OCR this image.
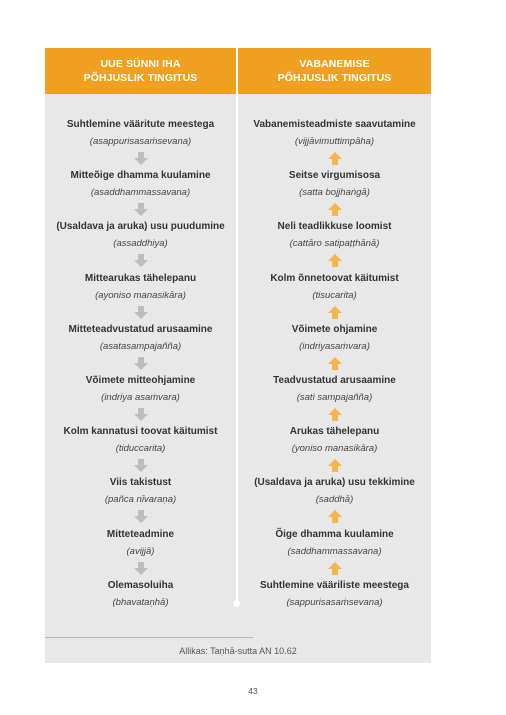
UUE SÜNNI IHA
PÕHJUSLIK TINGITUS
VABANEMISE
PÕHJUSLIK TINGITUS
Suhtlemine vääritute meestega
(asappurisasaṁsevana)
Mitteõige dhamma kuulamine
(asaddhammassavana)
(Usaldava ja aruka) usu puudumine
(assaddhiya)
Mittearukas tähelepanu
(ayoniso manasikāra)
Mitteteadvustatud arusaamine
(asatasampajañña)
Võimete mitteohjamine
(indriya asaṁvara)
Kolm kannatusi toovat käitumist
(tiduccarita)
Viis takistust
(pañca nīvaraṇa)
Mitteteadmine
(avijjā)
Olemasoluiha
(bhavataṇhā)
Vabanemisteadmiste saavutamine
(vijjāvimuttimpāha)
Seitse virgumisosa
(satta bojjhaṅgā)
Neli teadlikkuse loomist
(cattāro satipaṭṭhānā)
Kolm õnnetoovat käitumist
(tisucarita)
Võimete ohjamine
(indriyasaṁvara)
Teadvustatud arusaamine
(sati sampajañña)
Arukas tähelepanu
(yoniso manasikāra)
(Usaldava ja aruka) usu tekkimine
(saddhā)
Õige dhamma kuulamine
(saddhammassavana)
Suhtlemine vääriliste meestega
(sappurisasaṁsevana)
Allikas: Taṇhā-sutta AN 10.62
43
